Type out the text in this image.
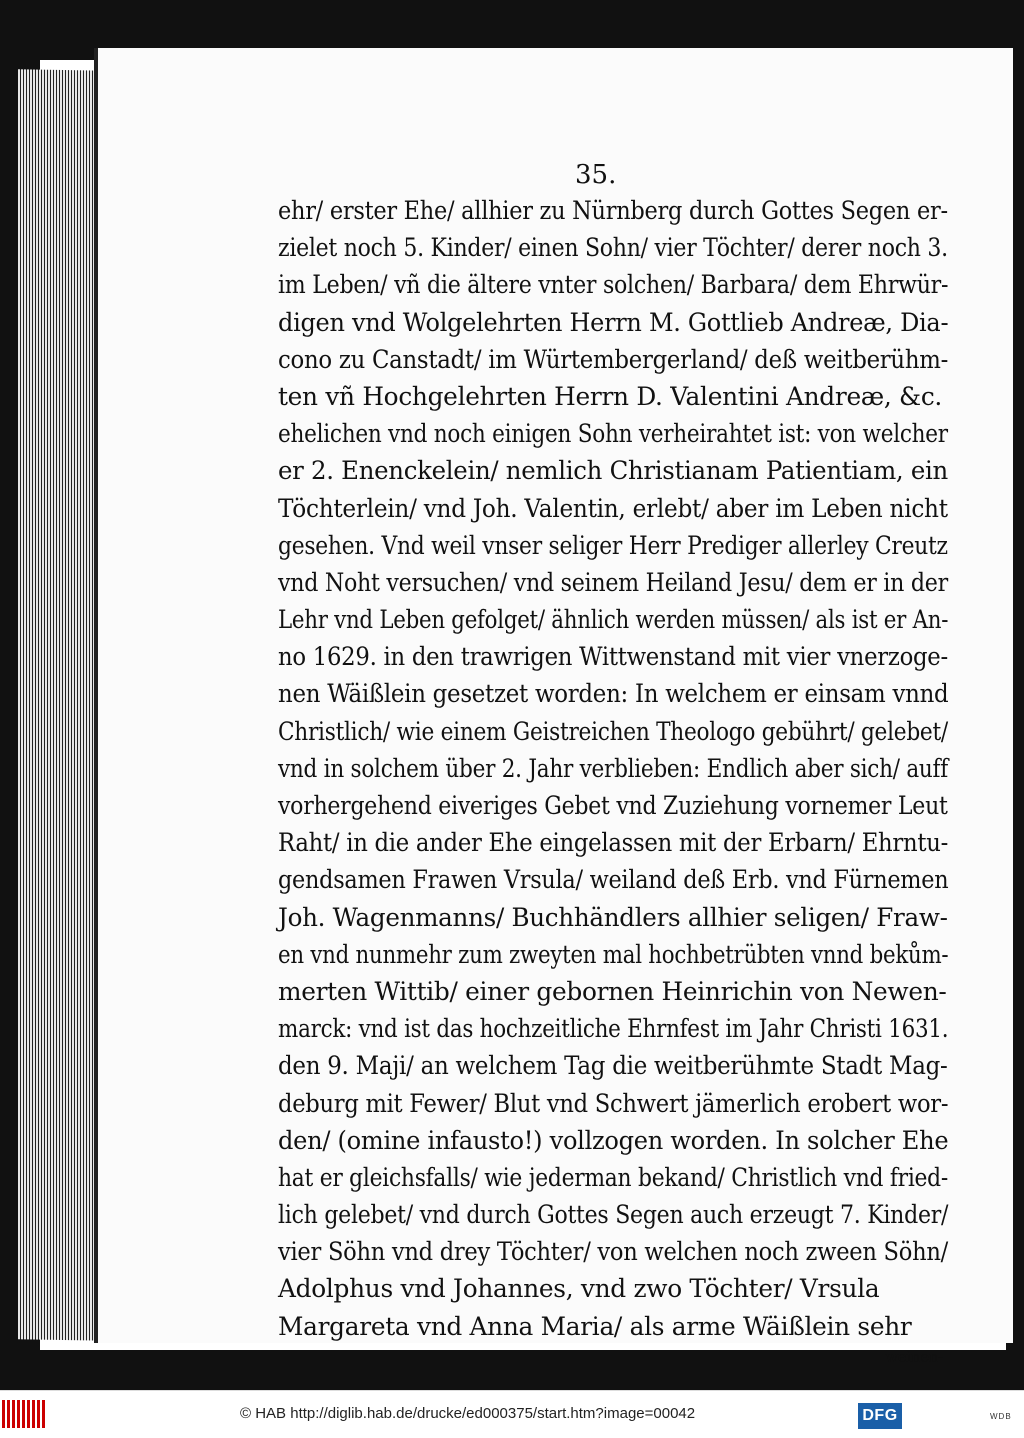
35.
ehr/ erster Ehe/ allhier zu Nürnberg durch Gottes Segen er-
zielet noch 5. Kinder/ einen Sohn/ vier Töchter/ derer noch 3.
im Leben/ vñ die ältere vnter solchen/ Barbara/ dem Ehrwür-
digen vnd Wolgelehrten Herrn M. Gottlieb Andreæ, Dia-
cono zu Canstadt/ im Würtembergerland/ deß weitberühm-
ten vñ Hochgelehrten Herrn D. Valentini Andreæ, &c.
ehelichen vnd noch einigen Sohn verheirahtet ist: von welcher
er 2. Enenckelein/ nemlich Christianam Patientiam, ein
Töchterlein/ vnd Joh. Valentin, erlebt/ aber im Leben nicht
gesehen. Vnd weil vnser seliger Herr Prediger allerley Creutz
vnd Noht versuchen/ vnd seinem Heiland Jesu/ dem er in der
Lehr vnd Leben gefolget/ ähnlich werden müssen/ als ist er An-
no 1629. in den trawrigen Wittwenstand mit vier vnerzoge-
nen Wäißlein gesetzet worden: In welchem er einsam vnnd
Christlich/ wie einem Geistreichen Theologo gebührt/ gelebet/
vnd in solchem über 2. Jahr verblieben: Endlich aber sich/ auff
vorhergehend eiveriges Gebet vnd Zuziehung vornemer Leut
Raht/ in die ander Ehe eingelassen mit der Erbarn/ Ehrntu-
gendsamen Frawen Vrsula/ weiland deß Erb. vnd Fürnemen
Joh. Wagenmanns/ Buchhändlers allhier seligen/ Fraw-
en vnd nunmehr zum zweyten mal hochbetrübten vnnd bekům-
merten Wittib/ einer gebornen Heinrichin von Newen-
marck: vnd ist das hochzeitliche Ehrnfest im Jahr Christi 1631.
den 9. Maji/ an welchem Tag die weitberühmte Stadt Mag-
deburg mit Fewer/ Blut vnd Schwert jämerlich erobert wor-
den/ (omine infausto!) vollzogen worden. In solcher Ehe
hat er gleichsfalls/ wie jederman bekand/ Christlich vnd fried-
lich gelebet/ vnd durch Gottes Segen auch erzeugt 7. Kinder/
vier Söhn vnd drey Töchter/ von welchen noch zween Söhn/
Adolphus vnd Johannes, vnd zwo Töchter/ Vrsula
Margareta vnd Anna Maria/ als arme Wäißlein sehr
weinen-
© HAB http://diglib.hab.de/drucke/ed000375/start.htm?image=00042	DFG	WDB
